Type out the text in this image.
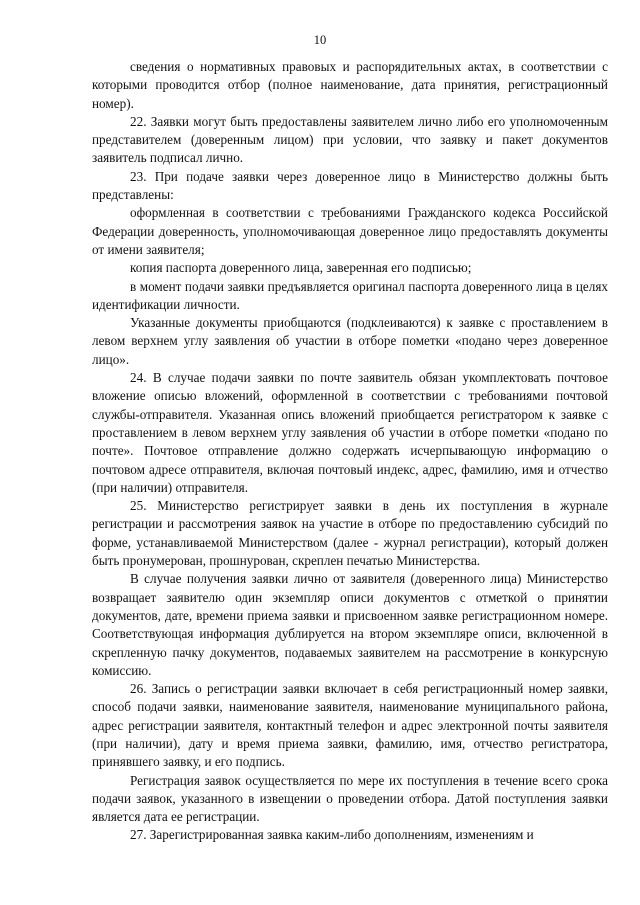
10

сведения о нормативных правовых и распорядительных актах, в соответствии с которыми проводится отбор (полное наименование, дата принятия, регистрационный номер).

22. Заявки могут быть предоставлены заявителем лично либо его уполномоченным представителем (доверенным лицом) при условии, что заявку и пакет документов заявитель подписал лично.

23. При подаче заявки через доверенное лицо в Министерство должны быть представлены:

оформленная в соответствии с требованиями Гражданского кодекса Российской Федерации доверенность, уполномочивающая доверенное лицо предоставлять документы от имени заявителя;

копия паспорта доверенного лица, заверенная его подписью;

в момент подачи заявки предъявляется оригинал паспорта доверенного лица в целях идентификации личности.

Указанные документы приобщаются (подклеиваются) к заявке с проставлением в левом верхнем углу заявления об участии в отборе пометки «подано через доверенное лицо».

24. В случае подачи заявки по почте заявитель обязан укомплектовать почтовое вложение описью вложений, оформленной в соответствии с требованиями почтовой службы-отправителя. Указанная опись вложений приобщается регистратором к заявке с проставлением в левом верхнем углу заявления об участии в отборе пометки «подано по почте». Почтовое отправление должно содержать исчерпывающую информацию о почтовом адресе отправителя, включая почтовый индекс, адрес, фамилию, имя и отчество (при наличии) отправителя.

25. Министерство регистрирует заявки в день их поступления в журнале регистрации и рассмотрения заявок на участие в отборе по предоставлению субсидий по форме, устанавливаемой Министерством (далее - журнал регистрации), который должен быть пронумерован, прошнурован, скреплен печатью Министерства.

В случае получения заявки лично от заявителя (доверенного лица) Министерство возвращает заявителю один экземпляр описи документов с отметкой о принятии документов, дате, времени приема заявки и присвоенном заявке регистрационном номере. Соответствующая информация дублируется на втором экземпляре описи, включенной в скрепленную пачку документов, подаваемых заявителем на рассмотрение в конкурсную комиссию.

26. Запись о регистрации заявки включает в себя регистрационный номер заявки, способ подачи заявки, наименование заявителя, наименование муниципального района, адрес регистрации заявителя, контактный телефон и адрес электронной почты заявителя (при наличии), дату и время приема заявки, фамилию, имя, отчество регистратора, принявшего заявку, и его подпись.

Регистрация заявок осуществляется по мере их поступления в течение всего срока подачи заявок, указанного в извещении о проведении отбора. Датой поступления заявки является дата ее регистрации.

27. Зарегистрированная заявка каким-либо дополнениям, изменениям и
